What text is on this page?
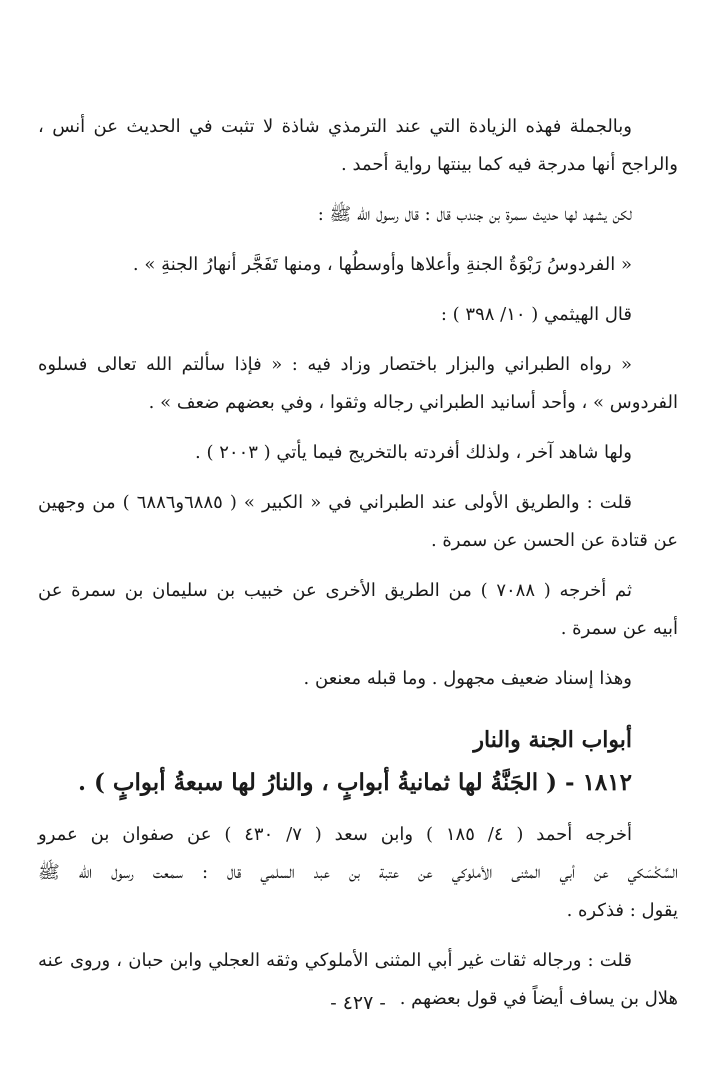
وبالجملة فهذه الزيادة التي عند الترمذي شاذة لا تثبت في الحديث عن أنس ،
والراجح أنها مدرجة فيه كما بينتها رواية أحمد .
لكن يشهد لها حديث سمرة بن جندب قال : قال رسول الله ﷺ :
« الفردوسُ رَبْوَةُ الجنةِ وأعلاها وأوسطُها ، ومنها تَفَجَّر أنهارُ الجنةِ » .
قال الهيثمي ( ١٠/ ٣٩٨ ) :
« رواه الطبراني والبزار باختصار وزاد فيه : « فإذا سألتم الله تعالى فسلوه
الفردوس » ، وأحد أسانيد الطبراني رجاله وثقوا ، وفي بعضهم ضعف » .
ولها شاهد آخر ، ولذلك أفردته بالتخريج فيما يأتي ( ٢٠٠٣ ) .
قلت : والطريق الأولى عند الطبراني في « الكبير » ( ٦٨٨٥و٦٨٨٦ ) من وجهين
عن قتادة عن الحسن عن سمرة .
ثم أخرجه ( ٧٠٨٨ ) من الطريق الأخرى عن خبيب بن سليمان بن سمرة عن
أبيه عن سمرة .
وهذا إسناد ضعيف مجهول . وما قبله معنعن .
أبواب الجنة والنار
١٨١٢ - ( الجَنَّةُ لها ثمانيةُ أبوابٍ ، والنارُ لها سبعةُ أبوابٍ ) .
أخرجه أحمد ( ٤/ ١٨٥ ) وابن سعد ( ٧/ ٤٣٠ ) عن صفوان بن عمرو
السَّكْسَكي عن أبي المثنى الأملوكي عن عتبة بن عبد السلمي قال : سمعت رسول الله ﷺ
يقول : فذكره .
قلت : ورجاله ثقات غير أبي المثنى الأملوكي وثقه العجلي وابن حبان ، وروى عنه
هلال بن يساف أيضاً في قول بعضهم .
- ٤٢٧ -
